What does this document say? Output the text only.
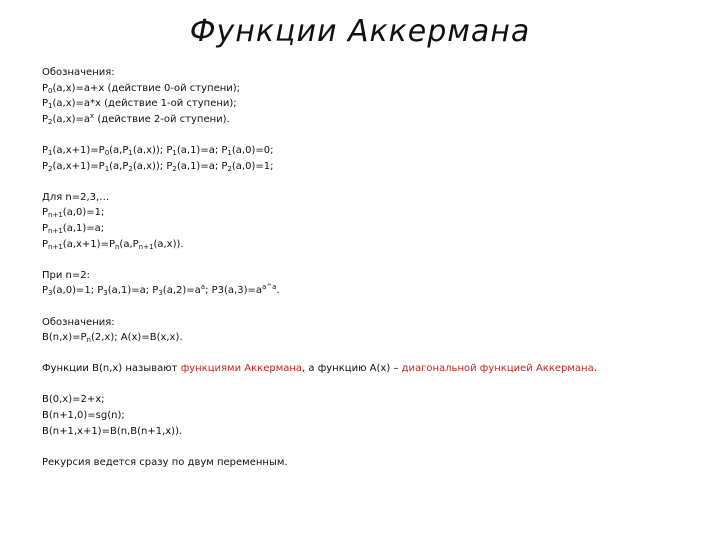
Функции Аккермана
Обозначения:
$P_0(a,x)=a+x$ (действие 0-ой ступени);
$P_1(a,x)=a*x$ (действие 1-ой ступени);
$P_2(a,x)=a^x$ (действие 2-ой ступени).
$P_1(a,x+1)=P_0(a,P_1(a,x))$; $P_1(a,1)=a$; $P_1(a,0)=0$;
$P_2(a,x+1)=P_1(a,P_2(a,x))$; $P_2(a,1)=a$; $P_2(a,0)=1$;
Для n=2,3,…
$P_{n+1}(a,0)=1$;
$P_{n+1}(a,1)=a$;
$P_{n+1}(a,x+1)=P_n(a,P_{n+1}(a,x))$.
При n=2:
$P_3(a,0)=1$; $P_3(a,1)=a$; $P_3(a,2)=a^a$; $P3(a,3)=a^{a\^{}a}$.
Обозначения:
$B(n,x)=P_n(2,x)$; A(x)=B(x,x).
Функции B(n,x) называют функциями Аккермана, а функцию A(x) – диагональной функцией Аккермана.
B(0,x)=2+x;
B(n+1,0)=sg(n);
B(n+1,x+1)=B(n,B(n+1,x)).
Рекурсия ведется сразу по двум переменным.
